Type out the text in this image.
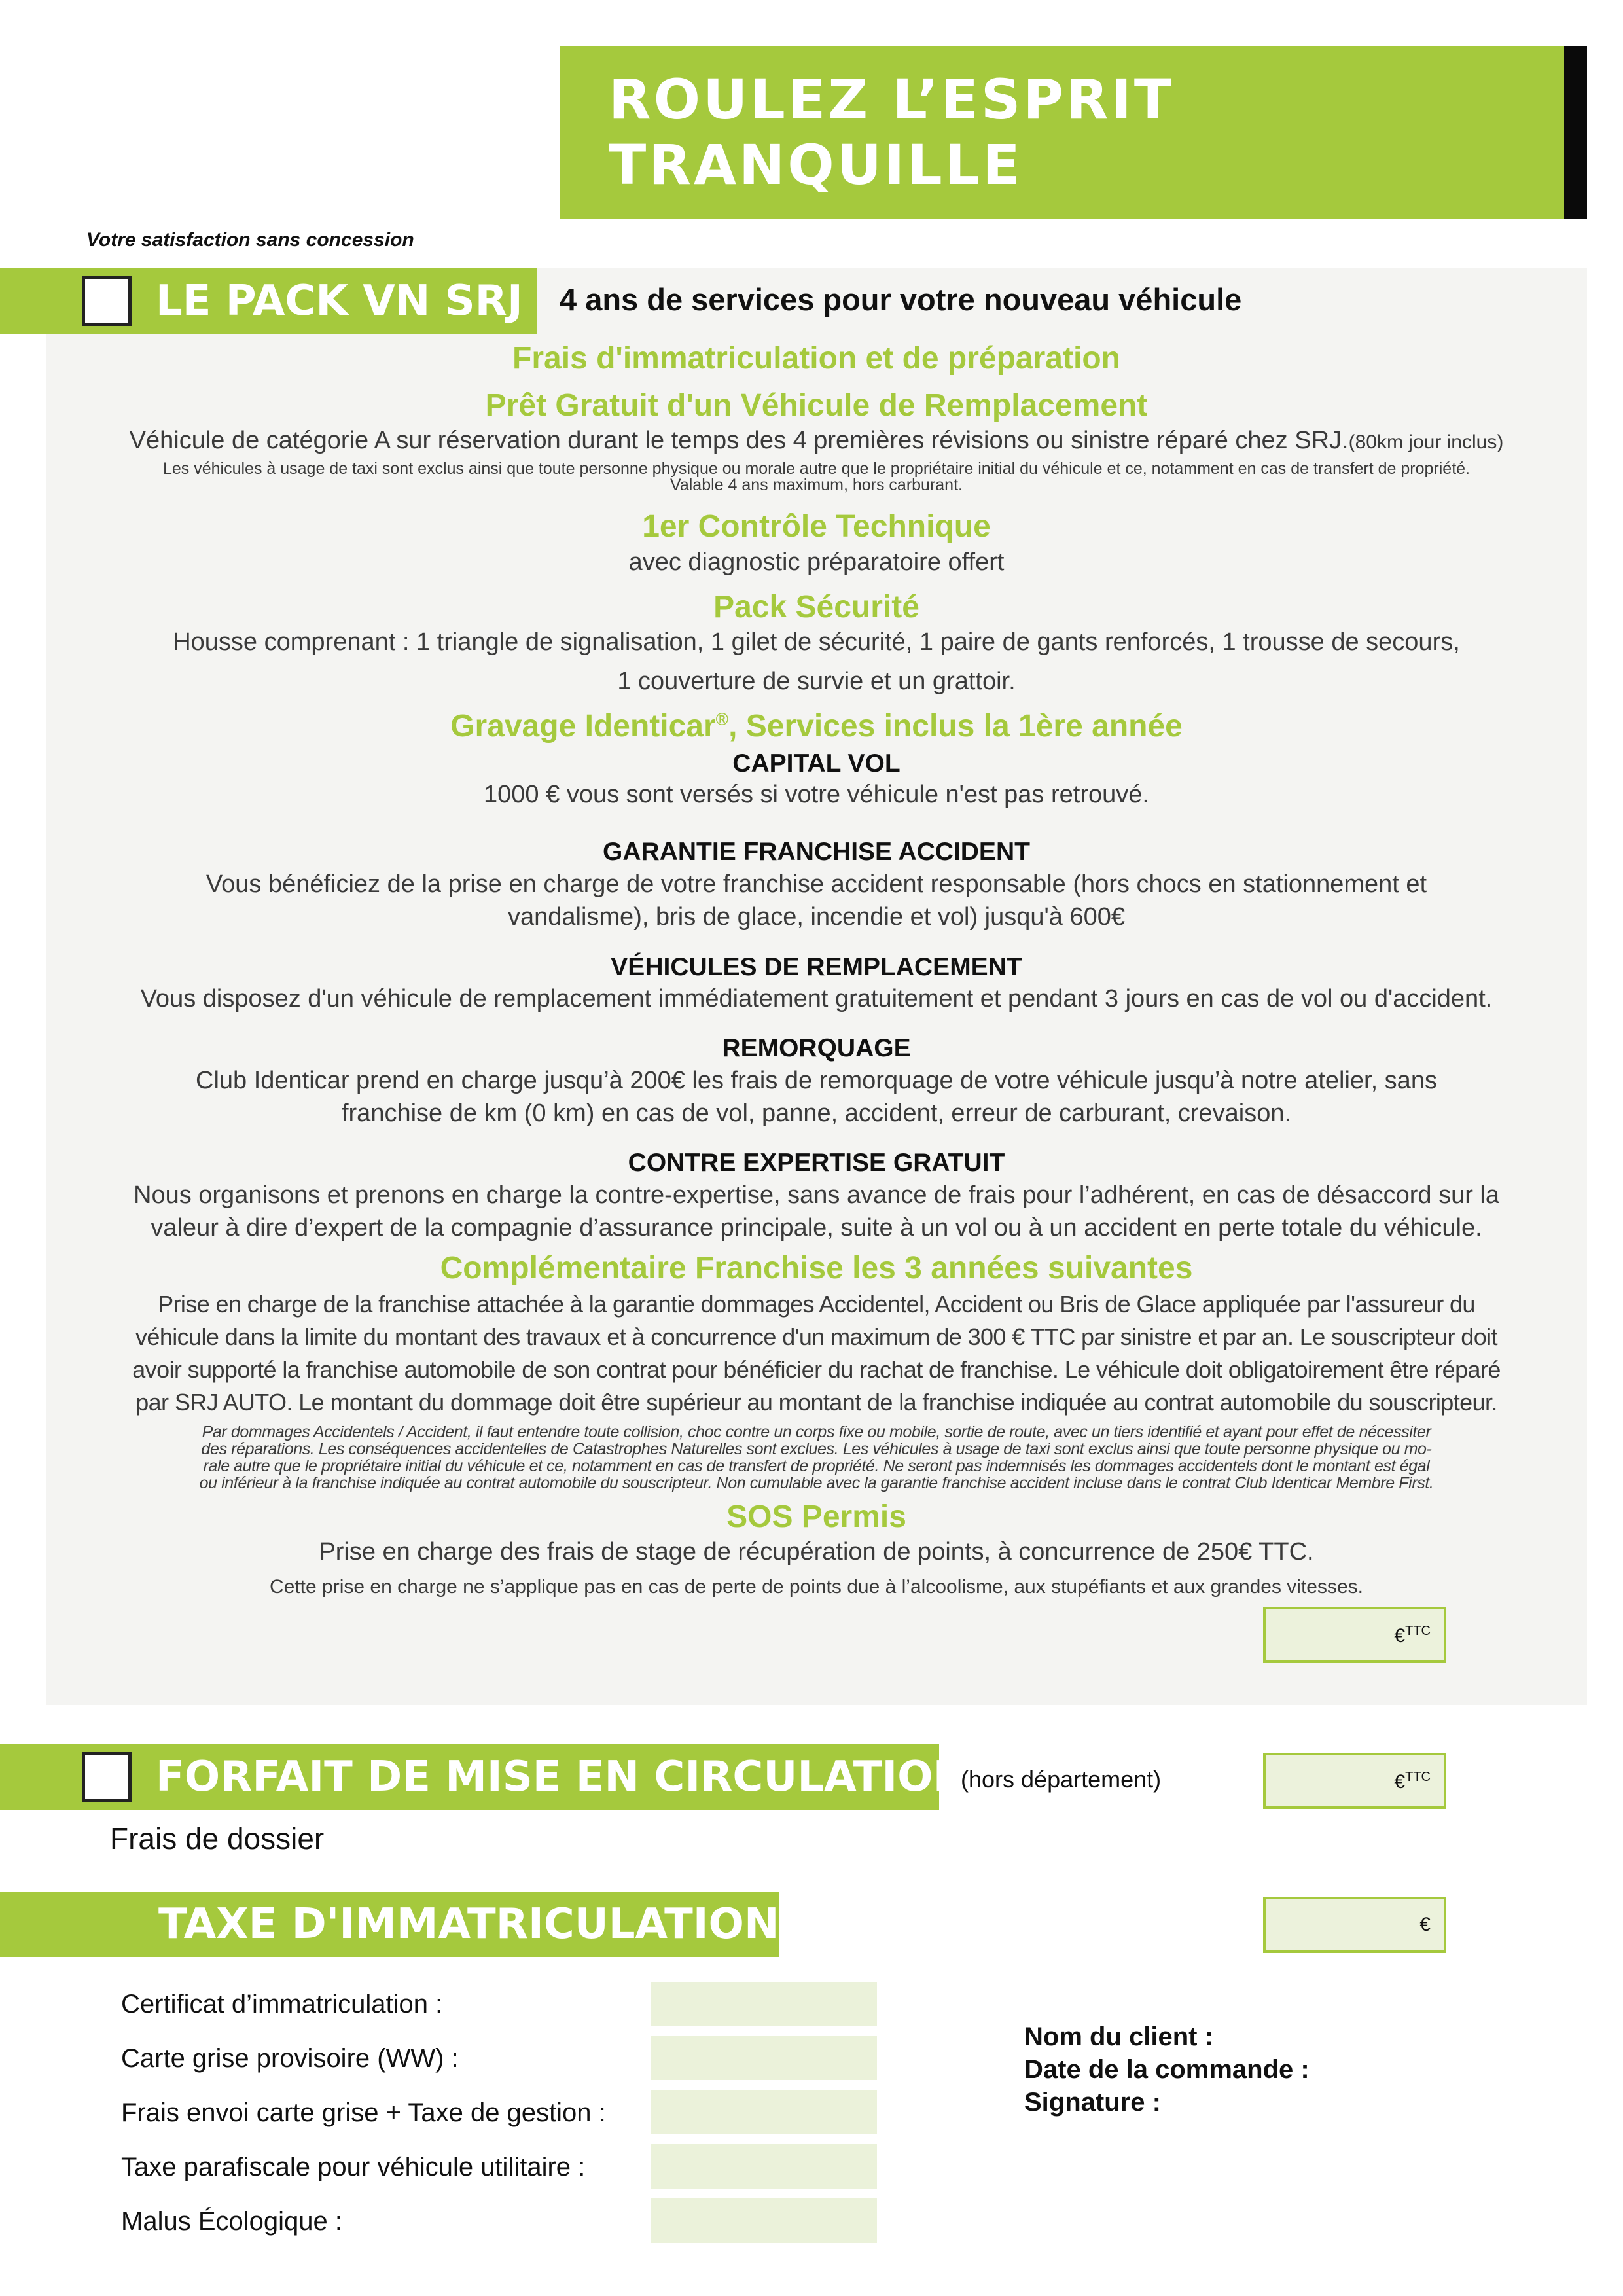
ROULEZ L’ESPRIT
TRANQUILLE
Votre satisfaction sans concession
LE PACK VN SRJ 4 ans de services pour votre nouveau véhicule
Frais d'immatriculation et de préparation
Prêt Gratuit d'un Véhicule de Remplacement
Véhicule de catégorie A sur réservation durant le temps des 4 premières révisions ou sinistre réparé chez SRJ.(80km jour inclus)
Les véhicules à usage de taxi sont exclus ainsi que toute personne physique ou morale autre que le propriétaire initial du véhicule et ce, notamment en cas de transfert de propriété.
Valable 4 ans maximum, hors carburant.
1er Contrôle Technique
avec diagnostic préparatoire offert
Pack Sécurité
Housse comprenant : 1 triangle de signalisation, 1 gilet de sécurité, 1 paire de gants renforcés, 1 trousse de secours,
1 couverture de survie et un grattoir.
Gravage Identicar®, Services inclus la 1ère année
CAPITAL VOL
1000 € vous sont versés si votre véhicule n'est pas retrouvé.
GARANTIE FRANCHISE ACCIDENT
Vous bénéficiez de la prise en charge de votre franchise accident responsable (hors chocs en stationnement et
vandalisme), bris de glace, incendie et vol) jusqu'à 600€
VÉHICULES DE REMPLACEMENT
Vous disposez d'un véhicule de remplacement immédiatement gratuitement et pendant 3 jours en cas de vol ou d'accident.
REMORQUAGE
Club Identicar prend en charge jusqu’à 200€ les frais de remorquage de votre véhicule jusqu’à notre atelier, sans
franchise de km (0 km) en cas de vol, panne, accident, erreur de carburant, crevaison.
CONTRE EXPERTISE GRATUIT
Nous organisons et prenons en charge la contre-expertise, sans avance de frais pour l’adhérent, en cas de désaccord sur la
valeur à dire d’expert de la compagnie d’assurance principale, suite à un vol ou à un accident en perte totale du véhicule.
Complémentaire Franchise les 3 années suivantes
Prise en charge de la franchise attachée à la garantie dommages Accidentel, Accident ou Bris de Glace appliquée par l'assureur du
véhicule dans la limite du montant des travaux et à concurrence d'un maximum de 300 € TTC par sinistre et par an. Le souscripteur doit
avoir supporté la franchise automobile de son contrat pour bénéficier du rachat de franchise. Le véhicule doit obligatoirement être réparé
par SRJ AUTO. Le montant du dommage doit être supérieur au montant de la franchise indiquée au contrat automobile du souscripteur.
Par dommages Accidentels / Accident, il faut entendre toute collision, choc contre un corps fixe ou mobile, sortie de route, avec un tiers identifié et ayant pour effet de nécessiter
des réparations. Les conséquences accidentelles de Catastrophes Naturelles sont exclues. Les véhicules à usage de taxi sont exclus ainsi que toute personne physique ou mo-
rale autre que le propriétaire initial du véhicule et ce, notamment en cas de transfert de propriété. Ne seront pas indemnisés les dommages accidentels dont le montant est égal
ou inférieur à la franchise indiquée au contrat automobile du souscripteur. Non cumulable avec la garantie franchise accident incluse dans le contrat Club Identicar Membre First.
SOS Permis
Prise en charge des frais de stage de récupération de points, à concurrence de 250€ TTC.
Cette prise en charge ne s’applique pas en cas de perte de points due à l’alcoolisme, aux stupéfiants et aux grandes vitesses.
€$^{TTC}$
FORFAIT DE MISE EN CIRCULATION
(hors département)	€$^{TTC}$
Frais de dossier
TAXE D'IMMATRICULATION	€
Certificat d’immatriculation :
Carte grise provisoire (WW) :
Frais envoi carte grise + Taxe de gestion :
Taxe parafiscale pour véhicule utilitaire :
Malus Écologique :
Nom du client :
Date de la commande :
Signature :
